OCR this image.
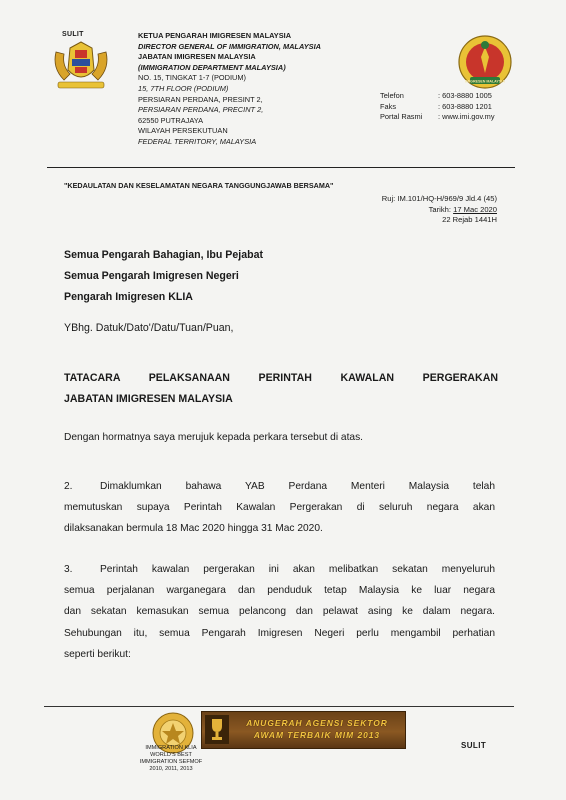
SULIT	KETUA PENGARAH IMIGRESEN MALAYSIA
DIRECTOR GENERAL OF IMMIGRATION, MALAYSIA
JABATAN IMIGRESEN MALAYSIA
(IMMIGRATION DEPARTMENT MALAYSIA)
NO. 15, TINGKAT 1-7 (PODIUM)
15, 7TH FLOOR (PODIUM)
PERSIARAN PERDANA, PRESINT 2,
PERSIARAN PERDANA, PRECINT 2,
62550 PUTRAJAYA
WILAYAH PERSEKUTUAN
FEDERAL TERRITORY, MALAYSIA
IMIGRESEN MALAYSIA
Telefon	: 603-8880 1005
Faks	: 603-8880 1201
Portal Rasmi	: www.imi.gov.my
"KEDAULATAN DAN KESELAMATAN NEGARA TANGGUNGJAWAB BERSAMA"
Ruj: IM.101/HQ-H/969/9 Jld.4 (45)
Tarikh: 17 Mac 2020
22 Rejab 1441H
Semua Pengarah Bahagian, Ibu Pejabat
Semua Pengarah Imigresen Negeri
Pengarah Imigresen KLIA
YBhg. Datuk/Dato'/Datu/Tuan/Puan,
TATACARA PELAKSANAAN PERINTAH KAWALAN PERGERAKAN
JABATAN IMIGRESEN MALAYSIA
Dengan hormatnya saya merujuk kepada perkara tersebut di atas.
2.	Dimaklumkan bahawa YAB Perdana Menteri Malaysia telah
memutuskan supaya Perintah Kawalan Pergerakan di seluruh negara akan
dilaksanakan bermula 18 Mac 2020 hingga 31 Mac 2020.
3.	Perintah kawalan pergerakan ini akan melibatkan sekatan menyeluruh
semua perjalanan warganegara dan penduduk tetap Malaysia ke luar negara
dan sekatan kemasukan semua pelancong dan pelawat asing ke dalam negara.
Sehubungan itu, semua Pengarah Imigresen Negeri perlu mengambil perhatian
seperti berikut:
ANUGERAH AGENSI SEKTOR
AWAM TERBAIK MIM 2013
IMMIGRATION KLIA
WORLD'S BEST
IMMIGRATION SEFMOF
2010, 2011, 2013
SULIT
